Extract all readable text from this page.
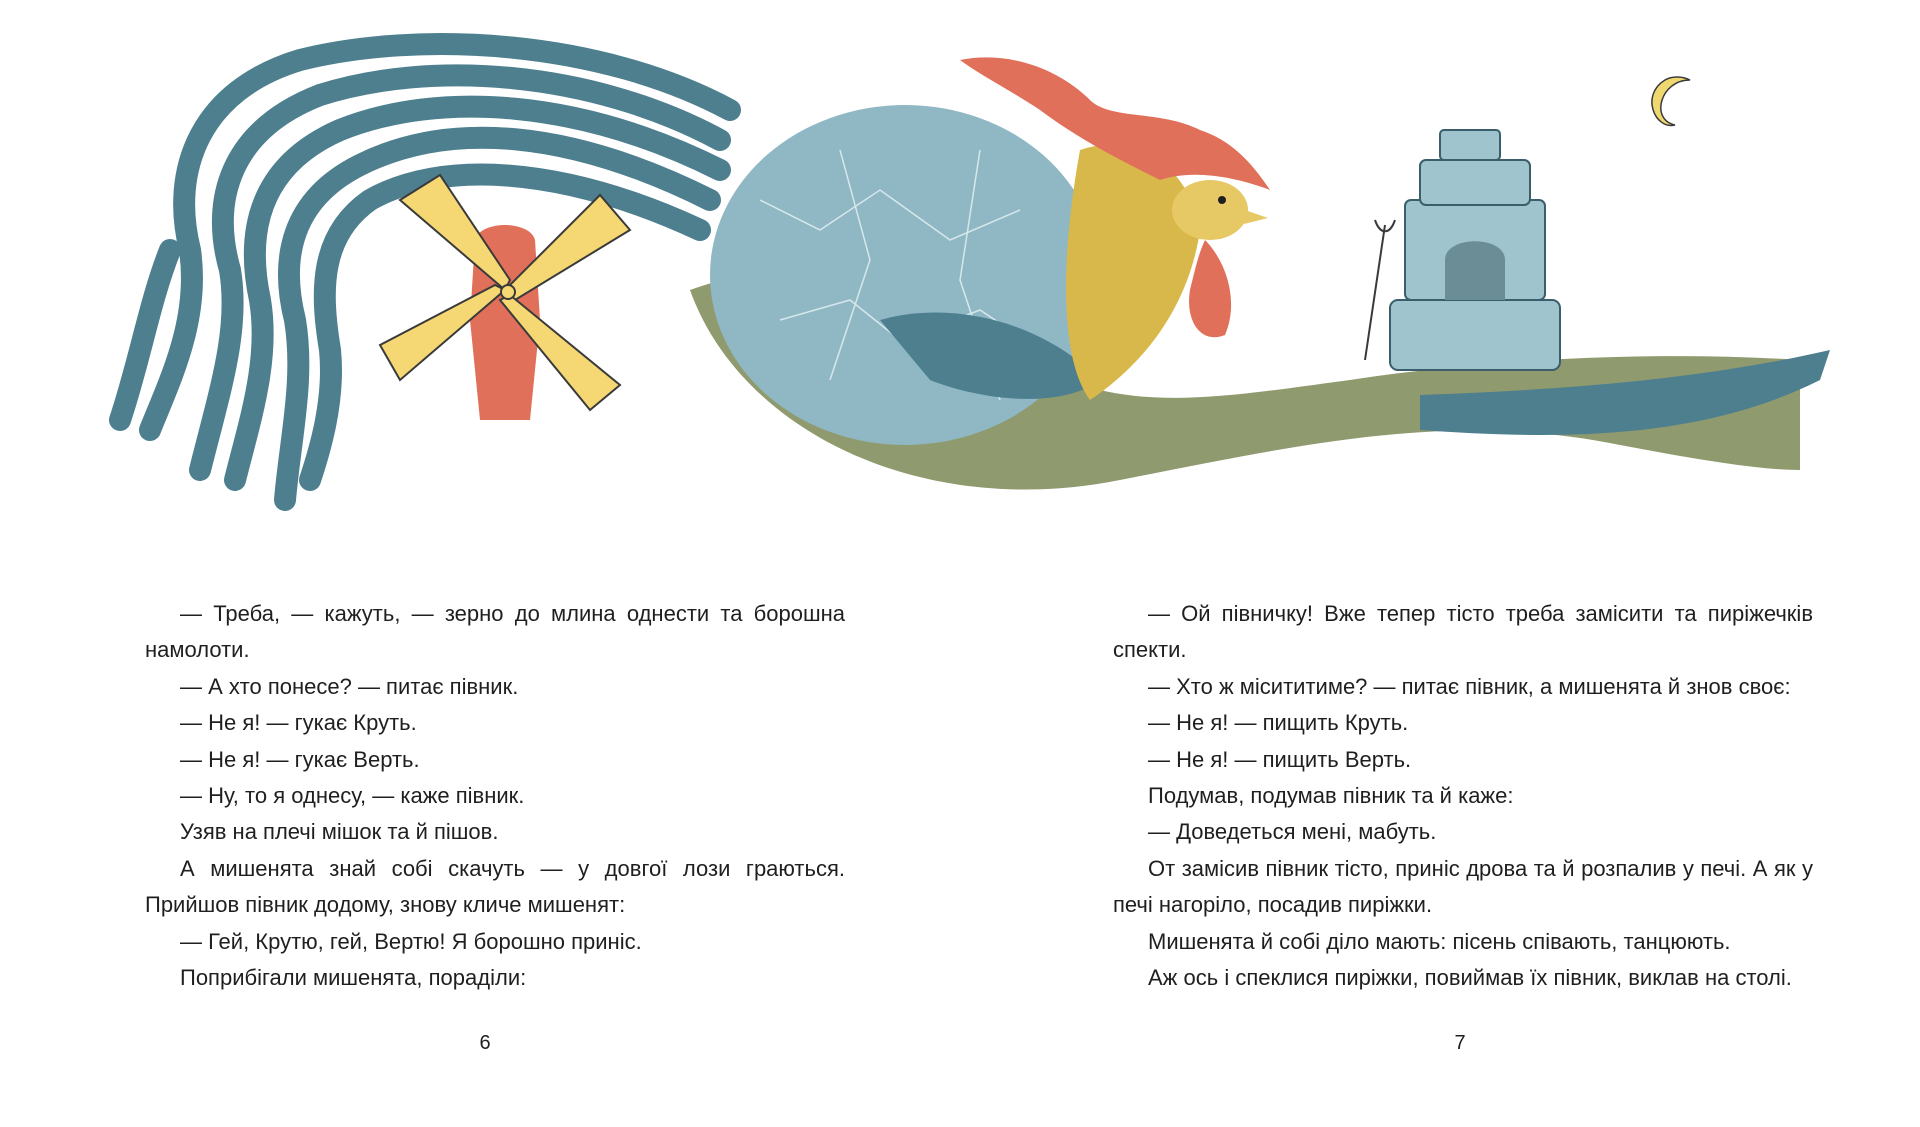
— Треба, — кажуть, — зерно до млина однести та борошна намолоти.

— А хто понесе? — питає півник.

— Не я! — гукає Круть.

— Не я! — гукає Верть.

— Ну, то я однесу, — каже півник.

Узяв на плечі мішок та й пішов.

А мишенята знай собі скачуть — у довгої лози граються. Прийшов півник додому, знову кличе мишенят:

— Гей, Крутю, гей, Вертю! Я борошно приніс.

Поприбігали мишенята, порадiли:

— Ой півничку! Вже тепер тісто треба замісити та пиріжечків спекти.

— Хто ж місититиме? — питає півник, а мишенята й знов своє:

— Не я! — пищить Круть.

— Не я! — пищить Верть.

Подумав, подумав півник та й каже:

— Доведеться мені, мабуть.

От замісив півник тісто, приніс дрова та й розпалив у печі. А як у печі нагоріло, посадив пиріжки.

Мишенята й собі діло мають: пісень співають, танцюють.

Аж ось і спеклися пиріжки, повиймав їх півник, виклав на столі.

6	7
